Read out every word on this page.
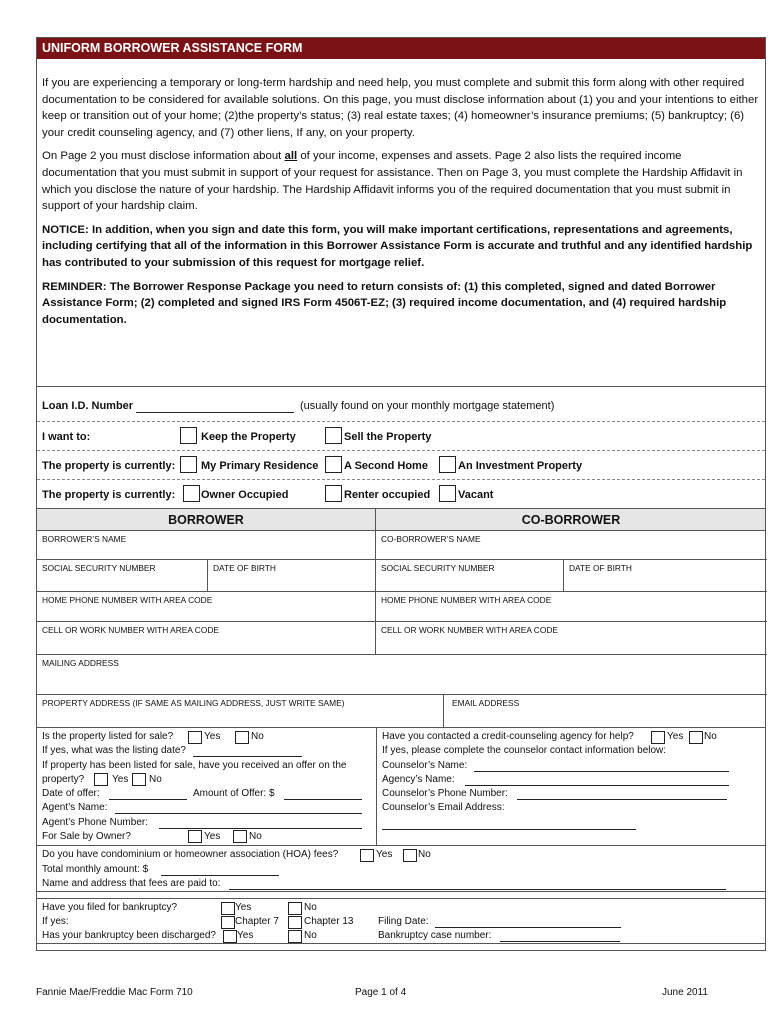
UNIFORM BORROWER ASSISTANCE FORM

If you are experiencing a temporary or long-term hardship and need help, you must complete and submit this form along with other required documentation to be considered for available solutions. On this page, you must disclose information about (1) you and your intentions to either keep or transition out of your home; (2)the property’s status; (3) real estate taxes; (4) homeowner’s insurance premiums; (5) bankruptcy; (6) your credit counseling agency, and (7) other liens, If any, on your property.

On Page 2 you must disclose information about all of your income, expenses and assets. Page 2 also lists the required income documentation that you must submit in support of your request for assistance. Then on Page 3, you must complete the Hardship Affidavit in which you disclose the nature of your hardship. The Hardship Affidavit informs you of the required documentation that you must submit in support of your hardship claim.

NOTICE: In addition, when you sign and date this form, you will make important certifications, representations and agreements, including certifying that all of the information in this Borrower Assistance Form is accurate and truthful and any identified hardship has contributed to your submission of this request for mortgage relief.

REMINDER: The Borrower Response Package you need to return consists of: (1) this completed, signed and dated Borrower Assistance Form; (2) completed and signed IRS Form 4506T-EZ; (3) required income documentation, and (4) required hardship documentation.

Loan I.D. Number	(usually found on your monthly mortgage statement)
I want to:	Keep the Property	Sell the Property
The property is currently: My Primary Residence A Second Home	An Investment Property
The property is currently: Owner Occupied	Renter occupied	Vacant
BORROWER	CO-BORROWER
BORROWER’S NAME	CO-BORROWER’S NAME
SOCIAL SECURITY NUMBER	DATE OF BIRTH	SOCIAL SECURITY NUMBER	DATE OF BIRTH
HOME PHONE NUMBER WITH AREA CODE	HOME PHONE NUMBER WITH AREA CODE
CELL OR WORK NUMBER WITH AREA CODE	CELL OR WORK NUMBER WITH AREA CODE
MAILING ADDRESS
PROPERTY ADDRESS (IF SAME AS MAILING ADDRESS, JUST WRITE SAME)	EMAIL ADDRESS
Is the property listed for sale?	Yes	No
If yes, what was the listing date?
If property has been listed for sale, have you received an offer on the
property?	Yes No
Date of offer:	Amount of Offer: $
Agent’s Name:
Agent’s Phone Number:
For Sale by Owner?	Yes	No
Have you contacted a credit-counseling agency for help?	Yes No
If yes, please complete the counselor contact information below:
Counselor’s Name:
Agency’s Name:
Counselor’s Phone Number:
Counselor’s Email Address:
Do you have condominium or homeowner association (HOA) fees?	Yes	No
Total monthly amount: $
Name and address that fees are paid to:
Have you filed for bankruptcy?	Yes	No
If yes:	Chapter 7	Chapter 13 Filing Date:
Has your bankruptcy been discharged? Yes	No	Bankruptcy case number:
Fannie Mae/Freddie Mac Form 710	Page 1 of 4	June 2011
